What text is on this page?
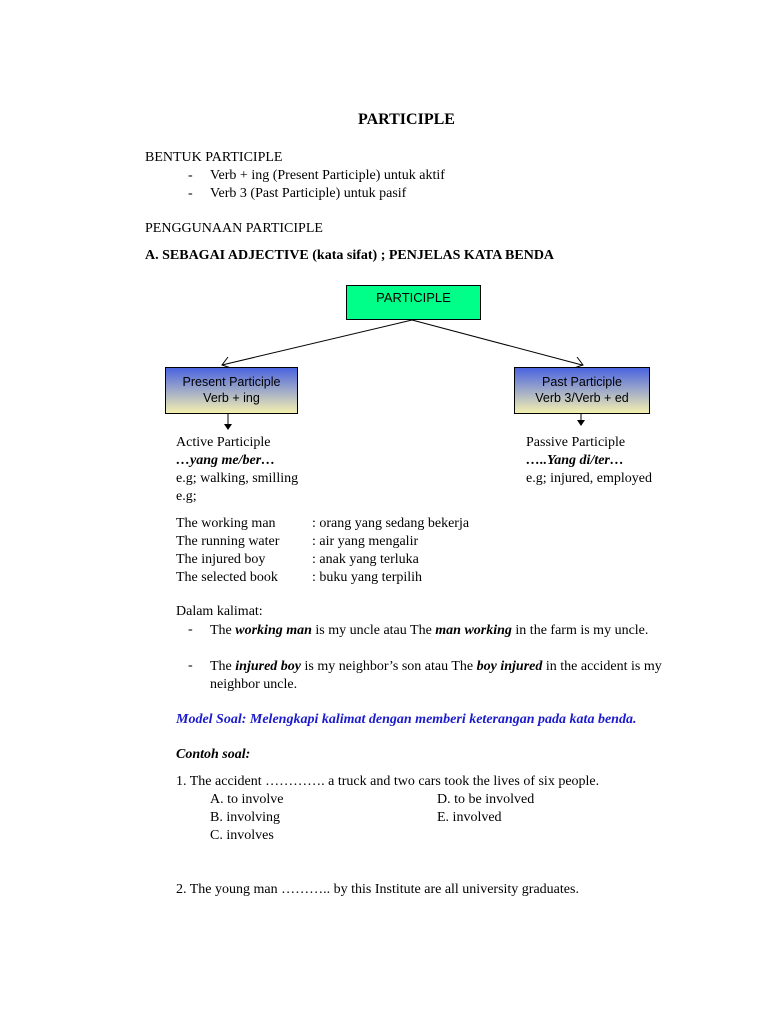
PARTICIPLE
BENTUK PARTICIPLE
- Verb + ing (Present Participle) untuk aktif
- Verb 3 (Past Participle) untuk pasif
PENGGUNAAN PARTICIPLE
A. SEBAGAI ADJECTIVE (kata sifat) ; PENJELAS KATA BENDA
PARTICIPLE
Present Participle
Verb + ing
Past Participle
Verb 3/Verb + ed
Active Participle
…yang me/ber…
e.g; walking, smilling
e.g;
Passive Participle
…..Yang di/ter…
e.g; injured, employed
The working man	: orang yang sedang bekerja
The running water : air yang mengalir
The injured boy	: anak yang terluka
The selected book : buku yang terpilih
Dalam kalimat:
- The working man is my uncle atau The man working in the farm is my uncle.
- The injured boy is my neighbor’s son atau The boy injured in the accident is my neighbor uncle.
Model Soal: Melengkapi kalimat dengan memberi keterangan pada kata benda.
Contoh soal:
1. The accident …………. a truck and two cars took the lives of six people.
A. to involve	D. to be involved
B. involving	E. involved
C. involves
2. The young man ……….. by this Institute are all university graduates.
